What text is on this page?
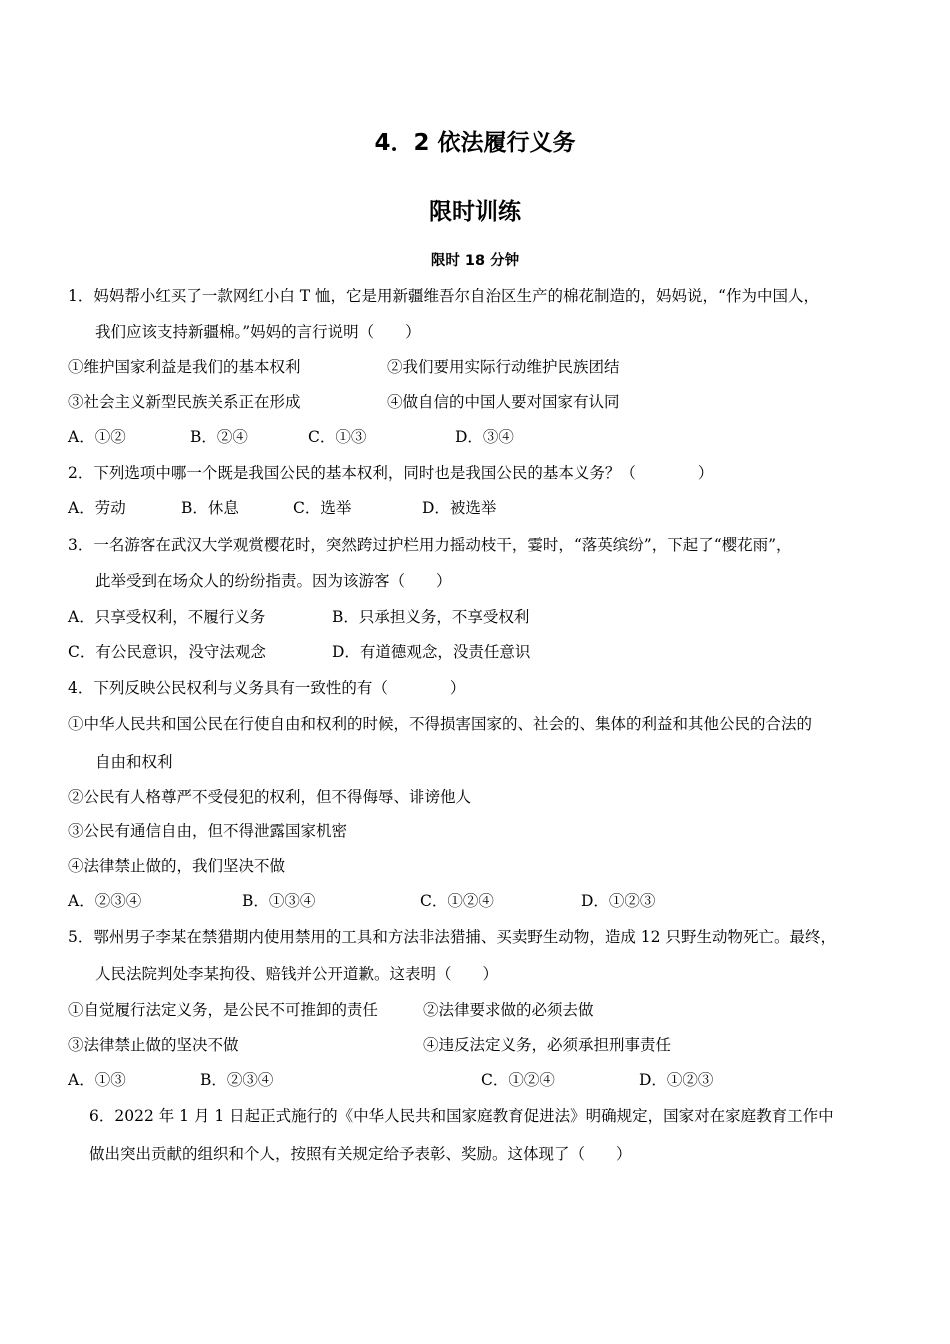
4．2 依法履行义务
限时训练
限时 18 分钟
1．妈妈帮小红买了一款网红小白 T 恤，它是用新疆维吾尔自治区生产的棉花制造的，妈妈说，“作为中国人，
我们应该支持新疆棉。”妈妈的言行说明（　　）
①维护国家利益是我们的基本权利	②我们要用实际行动维护民族团结
③社会主义新型民族关系正在形成	④做自信的中国人要对国家有认同
A．①②	B．②④	C．①③	D．③④
2．下列选项中哪一个既是我国公民的基本权利，同时也是我国公民的基本义务？（　　　　）
A．劳动	B．休息	C．选举	D．被选举
3．一名游客在武汉大学观赏樱花时，突然跨过护栏用力摇动枝干，霎时，“落英缤纷”，下起了“樱花雨”，
此举受到在场众人的纷纷指责。因为该游客（　　）
A．只享受权利，不履行义务	B．只承担义务，不享受权利
C．有公民意识，没守法观念	D．有道德观念，没责任意识
4．下列反映公民权利与义务具有一致性的有（　　　　）
①中华人民共和国公民在行使自由和权利的时候，不得损害国家的、社会的、集体的利益和其他公民的合法的
自由和权利
②公民有人格尊严不受侵犯的权利，但不得侮辱、诽谤他人
③公民有通信自由，但不得泄露国家机密
④法律禁止做的，我们坚决不做
A．②③④	B．①③④	C．①②④	D．①②③
5．鄂州男子李某在禁猎期内使用禁用的工具和方法非法猎捕、买卖野生动物，造成 12 只野生动物死亡。最终，
人民法院判处李某拘役、赔钱并公开道歉。这表明（　　）
①自觉履行法定义务，是公民不可推卸的责任	②法律要求做的必须去做
③法律禁止做的坚决不做	④违反法定义务，必须承担刑事责任
A．①③	B．②③④	C．①②④	D．①②③
6．2022 年 1 月 1 日起正式施行的《中华人民共和国家庭教育促进法》明确规定，国家对在家庭教育工作中
做出突出贡献的组织和个人，按照有关规定给予表彰、奖励。这体现了（　　）
